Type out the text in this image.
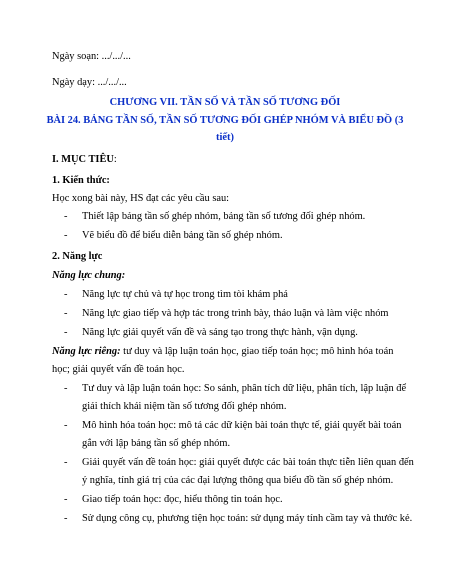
Ngày soạn: .../.../...
Ngày dạy: .../.../...
CHƯƠNG VII. TẦN SỐ VÀ TẦN SỐ TƯƠNG ĐỐI
BÀI 24. BẢNG TẦN SỐ, TẦN SỐ TƯƠNG ĐỐI GHÉP NHÓM VÀ BIỂU ĐỒ (3
tiết)
I. MỤC TIÊU:
1. Kiến thức:
Học xong bài này, HS đạt các yêu cầu sau:
- Thiết lập bảng tần số ghép nhóm, bảng tần số tương đối ghép nhóm.
- Vẽ biểu đồ để biểu diễn bảng tần số ghép nhóm.
2. Năng lực
Năng lực chung:
- Năng lực tự chủ và tự học trong tìm tòi khám phá
- Năng lực giao tiếp và hợp tác trong trình bày, thảo luận và làm việc nhóm
- Năng lực giải quyết vấn đề và sáng tạo trong thực hành, vận dụng.
Năng lực riêng: tư duy và lập luận toán học, giao tiếp toán học; mô hình hóa toán
học; giải quyết vấn đề toán học.
- Tư duy và lập luận toán học: So sánh, phân tích dữ liệu, phân tích, lập luận để
giải thích khái niệm tần số tương đối ghép nhóm.
- Mô hình hóa toán học: mô tả các dữ kiện bài toán thực tế, giải quyết bài toán
gắn với lập bảng tần số ghép nhóm.
- Giải quyết vấn đề toán học: giải quyết được các bài toán thực tiễn liên quan đến
ý nghĩa, tính giá trị của các đại lượng thông qua biểu đồ tần số ghép nhóm.
- Giao tiếp toán học: đọc, hiểu thông tin toán học.
- Sử dụng công cụ, phương tiện học toán: sử dụng máy tính cầm tay và thước kẻ.
